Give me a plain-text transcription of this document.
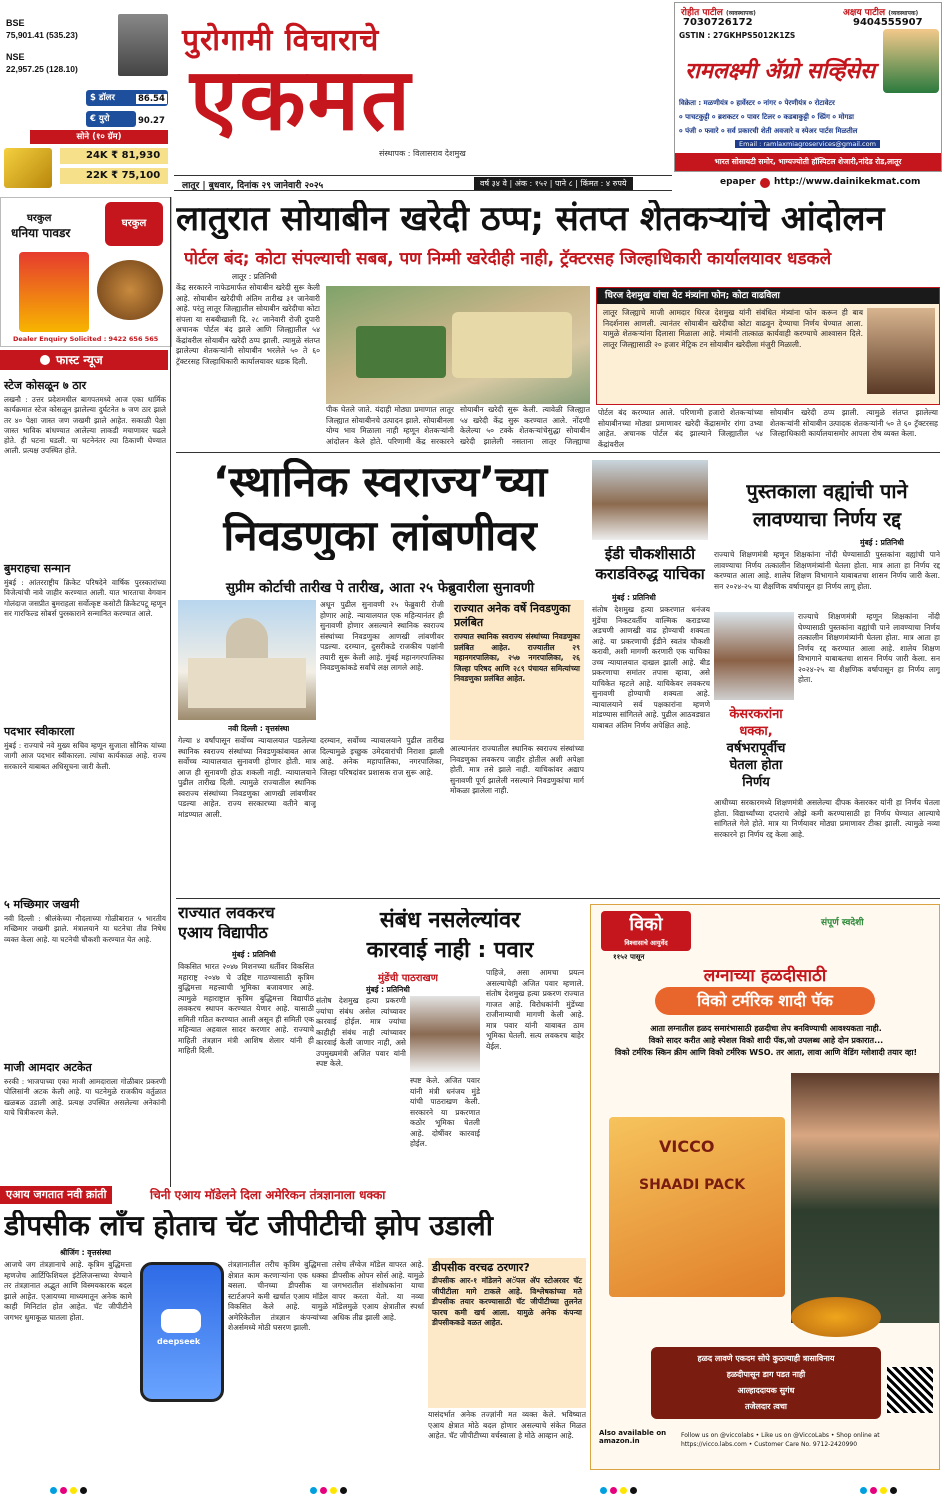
BSE
75,901.41 (535.23)
NSE
22,957.25 (128.10)
$ डॉलर	86.54
€ युरो	90.27
सोने (१० ग्रॅम)
24K ₹ 81,930
22K ₹ 75,100
पुरोगामी विचाराचे
एकमत
संस्थापक : विलासराव देशमुख
लातूर | बुधवार, दिनांक २९ जानेवारी २०२५	वर्ष ३४ वे | अंक : १५२ | पाने ८ | किंमत : ४ रुपये	epaper http://www.dainikekmat.com
रोहीत पाटील (व्यवस्थापक)
7030726172
अक्षय पाटील (व्यवस्थापक)
9404555907
GSTIN : 27GKHPS5012K1ZS
रामलक्ष्मी ॲग्रो सर्व्हिसेस
विक्रेता : मळणीयंत्र ० हार्वेस्टर ० नांगर ० पेरणीयंत्र ० रोटावेटर
० पाचटकुट्टी ० ब्रशकटर ० पावर टिलर ० कडबाकुट्टी ० स्प्रिंग ० मोगडा
० पंजी ० फवारे ० सर्व प्रकारची शेती अवजारे व स्पेअर पार्टस मिळतील
Email : ramlaxmiagroservices@gmail.com
भारत सोसायटी समोर, भाग्यज्योती हॉस्पिटल शेजारी,नांदेड रोड,लातूर
घरकुल
धनिया पावडर
घरकुल
Dealer Enquiry Solicited : 9422 656 565
फास्ट न्यूज
स्टेज कोसळून ७ ठार

लखनौ : उत्तर प्रदेशमधील बागपतमध्ये आज एका धार्मिक कार्यक्रमात स्टेज कोसळून झालेल्या दुर्घटनेत ७ जण ठार झाले तर ४० पेक्षा जास्त जण जखमी झाले आहेत. सकाळी पेक्षा जास्त भाविक बांधण्यात आलेल्या लाकडी मचाणावर चढले होते. ही घटना घडली. या घटनेनंतर त्या ठिकाणी घेण्यात आली. प्रत्यक्ष उपस्थित होते.

बुमराहचा सन्मान

मुंबई : आंतरराष्ट्रीय क्रिकेट परिषदेने वार्षिक पुरस्कारांच्या विजेत्यांची नावे जाहीर करण्यात आली. यात भारताचा वेगवान गोलंदाज जसप्रीत बुमराहला सर्वोत्कृष्ट कसोटी क्रिकेटपटू म्हणून सर गारफिल्ड सोबर्स पुरस्काराने सन्मानित करण्यात आले.

पदभार स्वीकारला

मुंबई : राज्याचे नवे मुख्य सचिव म्हणून सुजाता सौनिक यांच्या जागी आज पदभार स्वीकारला. त्यांचा कार्यकाळ आहे. राज्य सरकारने याबाबत अधिसूचना जारी केली.

५ मच्छिमार जखमी

नवी दिल्ली : श्रीलंकेच्या नौदलाच्या गोळीबारात ५ भारतीय मच्छिमार जखमी झाले. मंत्रालयाने या घटनेचा तीव्र निषेध व्यक्त केला आहे. या घटनेची चौकशी करण्यात येत आहे.

माजी आमदार अटकेत

रुरकी : भाजपाच्या एका माजी आमदाराला गोळीबार प्रकरणी पोलिसांनी अटक केली आहे. या घटनेमुळे राजकीय वर्तुळात खळबळ उडाली आहे. प्रत्यक्ष उपस्थित असलेल्या अनेकांनी याचे चित्रीकरण केले.

लातुरात सोयाबीन खरेदी ठप्प; संतप्त शेतकऱ्यांचे आंदोलन
पोर्टल बंद; कोटा संपल्याची सबब, पण निम्मी खरेदीही नाही, ट्रॅक्टरसह जिल्हाधिकारी कार्यालयावर धडकले
लातूर : प्रतिनिधी
केंद्र सरकारने नाफेडमार्फत सोयाबीन खरेदी सुरू केली आहे. सोयाबीन खरेदीची अंतिम तारीख ३१ जानेवारी आहे. परंतु लातूर जिल्ह्यातील सोयाबीन खरेदीचा कोटा संपला या सबबीखाली दि. २८ जानेवारी रोजी दुपारी अचानक पोर्टल बंद झाले आणि जिल्ह्यातील ५४ केंद्रांवरील सोयाबीन खरेदी ठप्प झाली. त्यामुळे संतप्त झालेल्या शेतकऱ्यांनी सोयाबीन भरलेले ५० ते ६० ट्रॅक्टरसह जिल्हाधिकारी कार्यालयावर धडक दिली.
पीक घेतले जाते. यंदाही मोठ्या प्रमाणात लातूर जिल्ह्यात सोयाबीनचे उत्पादन झाले. सोयाबीनला योग्य भाव मिळाला नाही म्हणून शेतकऱ्यांनी आंदोलन केले होते. परिणामी केंद्र सरकारने
सोयाबीन खरेदी सुरू केली. त्यावेळी जिल्ह्यात ५४ खरेदी केंद्र सुरू करण्यात आले. नोंदणी केलेल्या ५० टक्के शेतकऱ्यांचेसुद्धा सोयाबीन खरेदी झालेली नसताना लातूर जिल्ह्याचा
धिरज देशमुख यांचा थेट मंत्र्यांना फोन; कोटा वाढविला
लातूर जिल्ह्याचे माजी आमदार धिरज देशमुख यांनी संबंधित मंत्र्यांना फोन करून ही बाब निदर्शनास आणली. त्यानंतर सोयाबीन खरेदीचा कोटा वाढवून देण्याचा निर्णय घेण्यात आला. यामुळे शेतकऱ्यांना दिलासा मिळाला आहे. मंत्र्यांनी तात्काळ कार्यवाही करण्याचे आश्वासन दिले. लातूर जिल्ह्यासाठी २० हजार मेट्रिक टन सोयाबीन खरेदीला मंजुरी मिळाली.
पोर्टल बंद करण्यात आले. परिणामी हजारो शेतकऱ्यांच्या सोयाबीनच्या मोठ्या प्रमाणावर खरेदी केंद्रासमोर रांगा उभ्या आहेत. अचानक पोर्टल बंद झाल्याने जिल्ह्यातील ५४ केंद्रांवरील
सोयाबीन खरेदी ठप्प झाली. त्यामुळे संतप्त झालेल्या शेतकऱ्यांनी सोयाबीन उत्पादक शेतकऱ्यांनी ५० ते ६० ट्रॅक्टरसह जिल्हाधिकारी कार्यालयासमोर आपला रोष व्यक्त केला.
‘स्थानिक स्वराज्य’च्या
निवडणुका लांबणीवर
सुप्रीम कोर्टाची तारीख पे तारीख, आता २५ फेब्रुवारीला सुनावणी
नवी दिल्ली : वृत्तसंस्था
गेल्या ४ वर्षांपासून सर्वोच्च न्यायालयात पडलेल्या स्थानिक स्वराज्य संस्थांच्या निवडणुकांबाबत आज सर्वोच्च न्यायालयात सुनावणी होणार होती. मात्र आज ही सुनावणी होऊ शकली नाही. न्यायालयाने पुढील तारीख दिली. त्यामुळे राज्यातील स्थानिक स्वराज्य संस्थांच्या निवडणुका आणखी लांबणीवर पडल्या आहेत. राज्य सरकारच्या वतीने बाजू मांडण्यात आली.
अधून पुढील सुनावणी २५ फेब्रुवारी रोजी होणार आहे. न्यायालयात एक महिन्यानंतर ही सुनावणी होणार असल्याने स्थानिक स्वराज्य संस्थांच्या निवडणुका आणखी लांबणीवर पडल्या. दरम्यान, दुसरीकडे राजकीय पक्षांनी तयारी सुरू केली आहे. मुंबई महानगरपालिका निवडणुकांकडे सर्वांचे लक्ष लागले आहे.
दरम्यान, सर्वोच्च न्यायालयाने पुढील तारीख दिल्यामुळे इच्छुक उमेदवारांची निराशा झाली आहे. अनेक महापालिका, नगरपालिका, जिल्हा परिषदांवर प्रशासक राज सुरू आहे.
राज्यात अनेक वर्षे निवडणुका प्रलंबित
राज्यात स्थानिक स्वराज्य संस्थांच्या निवडणुका प्रलंबित आहेत. राज्यातील २९ महानगरपालिका, २५७ नगरपालिका, २६ जिल्हा परिषद आणि २८९ पंचायत समित्यांच्या निवडणुका प्रलंबित आहेत.
आल्यानंतर राज्यातील स्थानिक स्वराज्य संस्थांच्या निवडणुका लवकरच जाहीर होतील अशी अपेक्षा होती. मात्र तसे झाले नाही. याचिकांवर अद्याप सुनावणी पूर्ण झालेली नसल्याने निवडणुकांचा मार्ग मोकळा झालेला नाही.
ईडी चौकशीसाठी
कराडविरुद्ध याचिका
मुंबई : प्रतिनिधी
संतोष देशमुख हत्या प्रकरणात धनंजय मुंडेंचा निकटवर्तीय वाल्मिक कराडच्या अडचणी आणखी वाढ होण्याची शक्यता आहे. या प्रकरणाची ईडीने स्वतंत्र चौकशी करावी, अशी मागणी करणारी एक याचिका उच्च न्यायालयात दाखल झाली आहे. बीड प्रकरणाचा समांतर तपास व्हावा, असे याचिकेत म्हटले आहे. याचिकेवर लवकरच सुनावणी होण्याची शक्यता आहे. न्यायालयाने सर्व पक्षकारांना म्हणणे मांडण्यास सांगितले आहे. पुढील आठवड्यात याबाबत अंतिम निर्णय अपेक्षित आहे.
पुस्तकाला वह्यांची पाने
लावण्याचा निर्णय रद्द
मुंबई : प्रतिनिधी
राज्याचे शिक्षणमंत्री म्हणून शिक्षकांना नोंदी घेण्यासाठी पुस्तकांना वह्यांची पाने लावण्याचा निर्णय तत्कालीन शिक्षणमंत्र्यांनी घेतला होता. मात्र आता हा निर्णय रद्द करण्यात आला आहे. शालेय शिक्षण विभागाने याबाबतचा शासन निर्णय जारी केला. सन २०२४-२५ या शैक्षणिक वर्षापासून हा निर्णय लागू होता.
राज्याचे शिक्षणमंत्री म्हणून शिक्षकांना नोंदी घेण्यासाठी पुस्तकांना वह्यांची पाने लावण्याचा निर्णय तत्कालीन शिक्षणमंत्र्यांनी घेतला होता. मात्र आता हा निर्णय रद्द करण्यात आला आहे. शालेय शिक्षण विभागाने याबाबतचा शासन निर्णय जारी केला. सन २०२४-२५ या शैक्षणिक वर्षापासून हा निर्णय लागू होता.
केसरकरांना
धक्का,
वर्षभरापूर्वीच
घेतला होता
निर्णय
आधीच्या सरकारमध्ये शिक्षणमंत्री असलेल्या दीपक केसरकर यांनी हा निर्णय घेतला होता. विद्यार्थ्यांच्या दप्तराचे ओझे कमी करण्यासाठी हा निर्णय घेण्यात आल्याचे सांगितले गेले होते. मात्र या निर्णयावर मोठ्या प्रमाणावर टीका झाली. त्यामुळे नव्या सरकारने हा निर्णय रद्द केला आहे.
राज्यात लवकरच
एआय विद्यापीठ
मुंबई : प्रतिनिधी
विकसित भारत २०४७ मिशनच्या धर्तीवर विकसित महाराष्ट्र २०४७ चे उद्दिष्ट गाठण्यासाठी कृत्रिम बुद्धिमत्ता महत्त्वाची भूमिका बजावणार आहे. त्यामुळे महाराष्ट्रात कृत्रिम बुद्धिमत्ता विद्यापीठ लवकरच स्थापन करण्यात येणार आहे. यासाठी समिती गठित करण्यात आली असून ही समिती एक महिन्यात अहवाल सादर करणार आहे. राज्याचे माहिती तंत्रज्ञान मंत्री आशिष शेलार यांनी ही माहिती दिली.
संबंध नसलेल्यांवर
कारवाई नाही : पवार
मुंडेंची पाठराखण
मुंबई : प्रतिनिधी
संतोष देशमुख हत्या प्रकरणी ज्यांचा संबंध असेल त्यांच्यावर कारवाई होईल. मात्र ज्यांचा काहीही संबंध नाही त्यांच्यावर कारवाई केली जाणार नाही, असे उपमुख्यमंत्री अजित पवार यांनी स्पष्ट केले.
स्पष्ट केले. अजित पवार यांनी मंत्री धनंजय मुंडे यांची पाठराखण केली. सरकारने या प्रकरणात कठोर भूमिका घेतली आहे. दोषींवर कारवाई होईल.
पाहिजे, असा आमचा प्रयत्न असल्याचेही अजित पवार म्हणाले. संतोष देशमुख हत्या प्रकरण राज्यात गाजत आहे. विरोधकांनी मुंडेंच्या राजीनाम्याची मागणी केली आहे. मात्र पवार यांनी याबाबत ठाम भूमिका घेतली. सत्य लवकरच बाहेर येईल.
एआय जगतात नवी क्रांती	चिनी एआय मॉडेलने दिला अमेरिकन तंत्रज्ञानाला धक्का
डीपसीक लॉंच होताच चॅट जीपीटीची झोप उडाली
श्रीजिंग : वृत्तसंस्था
आजचे जग तंत्रज्ञानाचे आहे. कृत्रिम बुद्धिमत्ता म्हणजेच आर्टिफिशियल इंटेलिजन्सच्या येण्याने तर तंत्रज्ञानात अद्भुत आणि विस्मयकारक बदल झाले आहेत. एआयच्या माध्यमातून अनेक कामे काही मिनिटांत होत आहेत. चॅट जीपीटीने जगभर धुमाकूळ घातला होता.
deepseek
तंत्रज्ञानातील तरीच कृत्रिम बुद्धिमत्ता क्षेत्रात काम करणाऱ्यांना एक धक्का बसला. चीनच्या डीपसीक या स्टार्टअपने कमी खर्चात एआय मॉडेल विकसित केले आहे. यामुळे अमेरिकेतील तंत्रज्ञान कंपन्यांच्या शेअर्समध्ये मोठी घसरण झाली.
तसेच लँग्वेज मॉडेल वापरत आहे. डीपसीक ओपन सोर्स आहे. यामुळे जगभरातील संशोधकांना याचा वापर करता येतो. या नव्या मॉडेलमुळे एआय क्षेत्रातील स्पर्धा अधिक तीव्र झाली आहे.
डीपसीक वरचढ ठरणार?
डीपसीक आर-१ मॉडेलने अॅपल अ‍ॅप स्टोअरवर चॅट जीपीटीला मागे टाकले आहे. विश्लेषकांच्या मते डीपसीक तयार करण्यासाठी चॅट जीपीटीच्या तुलनेत फारच कमी खर्च आला. यामुळे अनेक कंपन्या डीपसीककडे वळत आहेत.
यासंदर्भात अनेक तज्ज्ञांनी मत व्यक्त केले. भविष्यात एआय क्षेत्रात मोठे बदल होणार असल्याचे संकेत मिळत आहेत. चॅट जीपीटीच्या वर्चस्वाला हे मोठे आव्हान आहे.
विको
विश्वासाचे आयुर्वेद
११५२ पासून
संपूर्ण स्वदेशी
लग्नाच्या हळदीसाठी
विको टर्मरिक शादी पॅक
आता लग्नातील हळद समारंभासाठी हळदीचा लेप बनविण्याची आवश्यकता नाही.
विको सादर करीत आहे स्पेशल विको शादी पॅक,जो उपलब्ध आहे दोन प्रकारात...
विको टर्मरिक स्किन क्रीम आणि विको टर्मरिक WSO. तर आता, लावा आणि वेडिंग ग्लोशादी तयार व्हा!
VICCO
SHAADI PACK
हळद लावणे एकदम सोपे कुठल्याही त्रासाविनाय
हळदीपासून डाग पडत नाही
आल्हाददायक सुगंध
तजेलदार त्वचा
Also available on amazon.in
Follow us on @viccolabs • Like us on @ViccoLabs • Shop online at https://vicco.labs.com • Customer Care No. 9712-2420990
